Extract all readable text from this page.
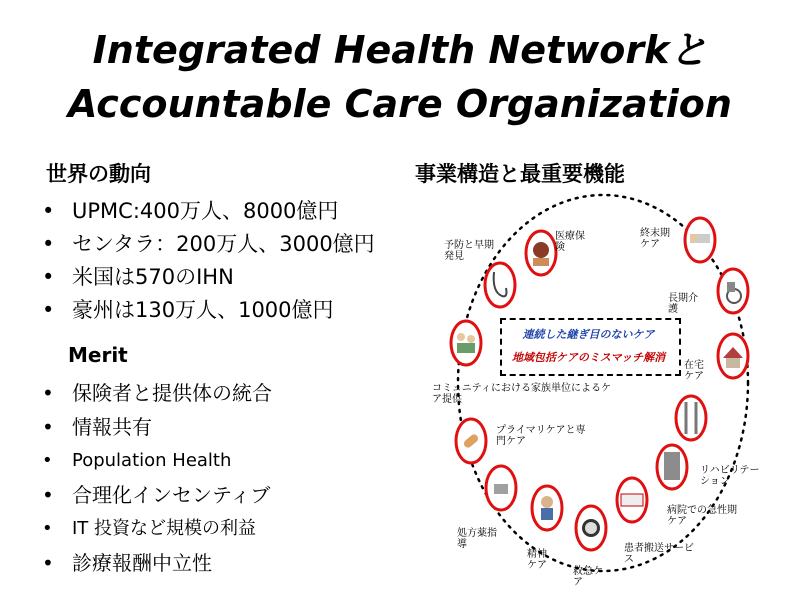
Integrated Health Networkと
Accountable Care Organization
世界の動向
• UPMC:400万人、8000億円
• センタラ：200万人、3000億円
• 米国は570のIHN
• 豪州は130万人、1000億円
Merit
• 保険者と提供体の統合
• 情報共有
• Population Health
• 合理化インセンティブ
• IT 投資など規模の利益
• 診療報酬中立性
事業構造と最重要機能
連続した継ぎ目のないケア
地域包括ケアのミスマッチ解消
医療保
険
終末期
ケア
長期介
護
在宅
ケア
リハビリテー
ション
病院での急性期
ケア
患者搬送サービ
ス
救急ケ
ア
精神
ケア
処方薬指
導
プライマリケアと専
門ケア
コミュニティにおける家族単位によるケ
ア提供
予防と早期
発見
